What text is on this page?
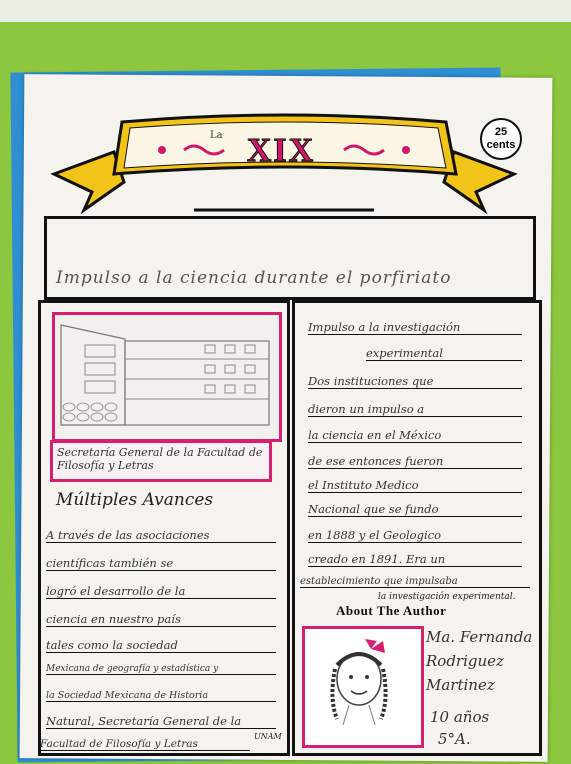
La XIX	25
cents
Impulso a la ciencia durante el porfiriato
Secretaría General de la Facultad de Filosofía y Letras
Múltiples Avances
A través de las asociaciones
científicas también se
logró el desarrollo de la
ciencia en nuestro país
tales como la sociedad
Mexicana de geografía y estadística y
la Sociedad Mexicana de Historia
Natural, Secretaría General de la
Facultad de Filosofía y Letras
UNAM
Impulso a la investigación
experimental
Dos instituciones que
dieron un impulso a
la ciencia en el México
de ese entonces fueron
el Instituto Medico
Nacional que se fundo
en 1888 y el Geologico
creado en 1891. Era un
establecimiento que impulsaba
la investigación experimental.
About The Author
Ma. Fernanda
Rodriguez
Martinez
10 años
5°A.
